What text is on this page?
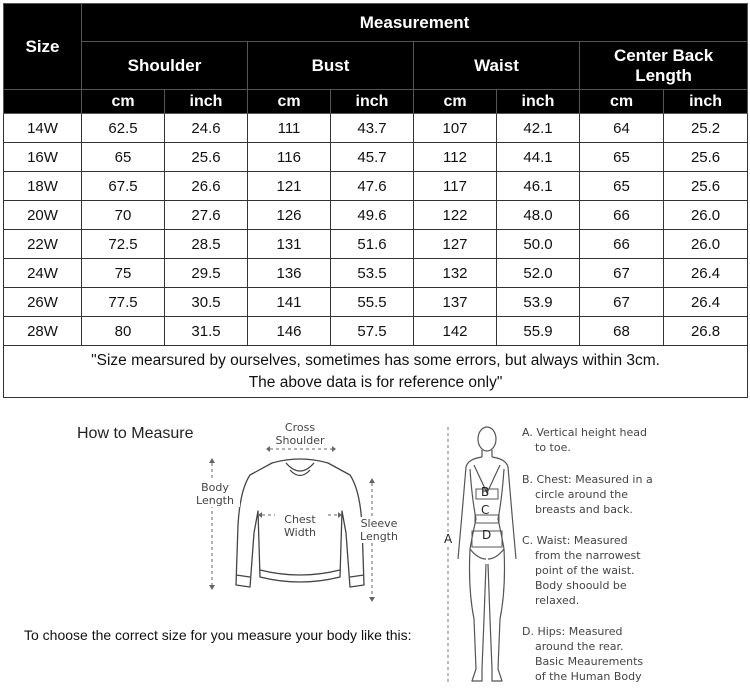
Size	Measurement							
	Shoulder		Bust		Waist		Center Back Length	
	cm	inch	cm	inch	cm	inch	cm	inch
14W	62.5	24.6	111	43.7	107	42.1	64	25.2
16W	65	25.6	116	45.7	112	44.1	65	25.6
18W	67.5	26.6	121	47.6	117	46.1	65	25.6
20W	70	27.6	126	49.6	122	48.0	66	26.0
22W	72.5	28.5	131	51.6	127	50.0	66	26.0
24W	75	29.5	136	53.5	132	52.0	67	26.4
26W	77.5	30.5	141	55.5	137	53.9	67	26.4
28W	80	31.5	146	57.5	142	55.9	68	26.8
"Size mearsured by ourselves, sometimes has some errors, but always within 3cm.
The above data is for reference only"								
How to Measure
To choose the correct size for you measure your body like this:
Cross
Shoulder
Body
Length
Chest
Width
Sleeve
Length	A
B
C
D
A. Vertical height head
to toe.
B. Chest: Measured in a
circle around the
breasts and back.
C. Waist: Measured
from the narrowest
point of the waist.
Body shoould be
relaxed.
D. Hips: Measured
around the rear.
Basic Meaurements
of the Human Body
